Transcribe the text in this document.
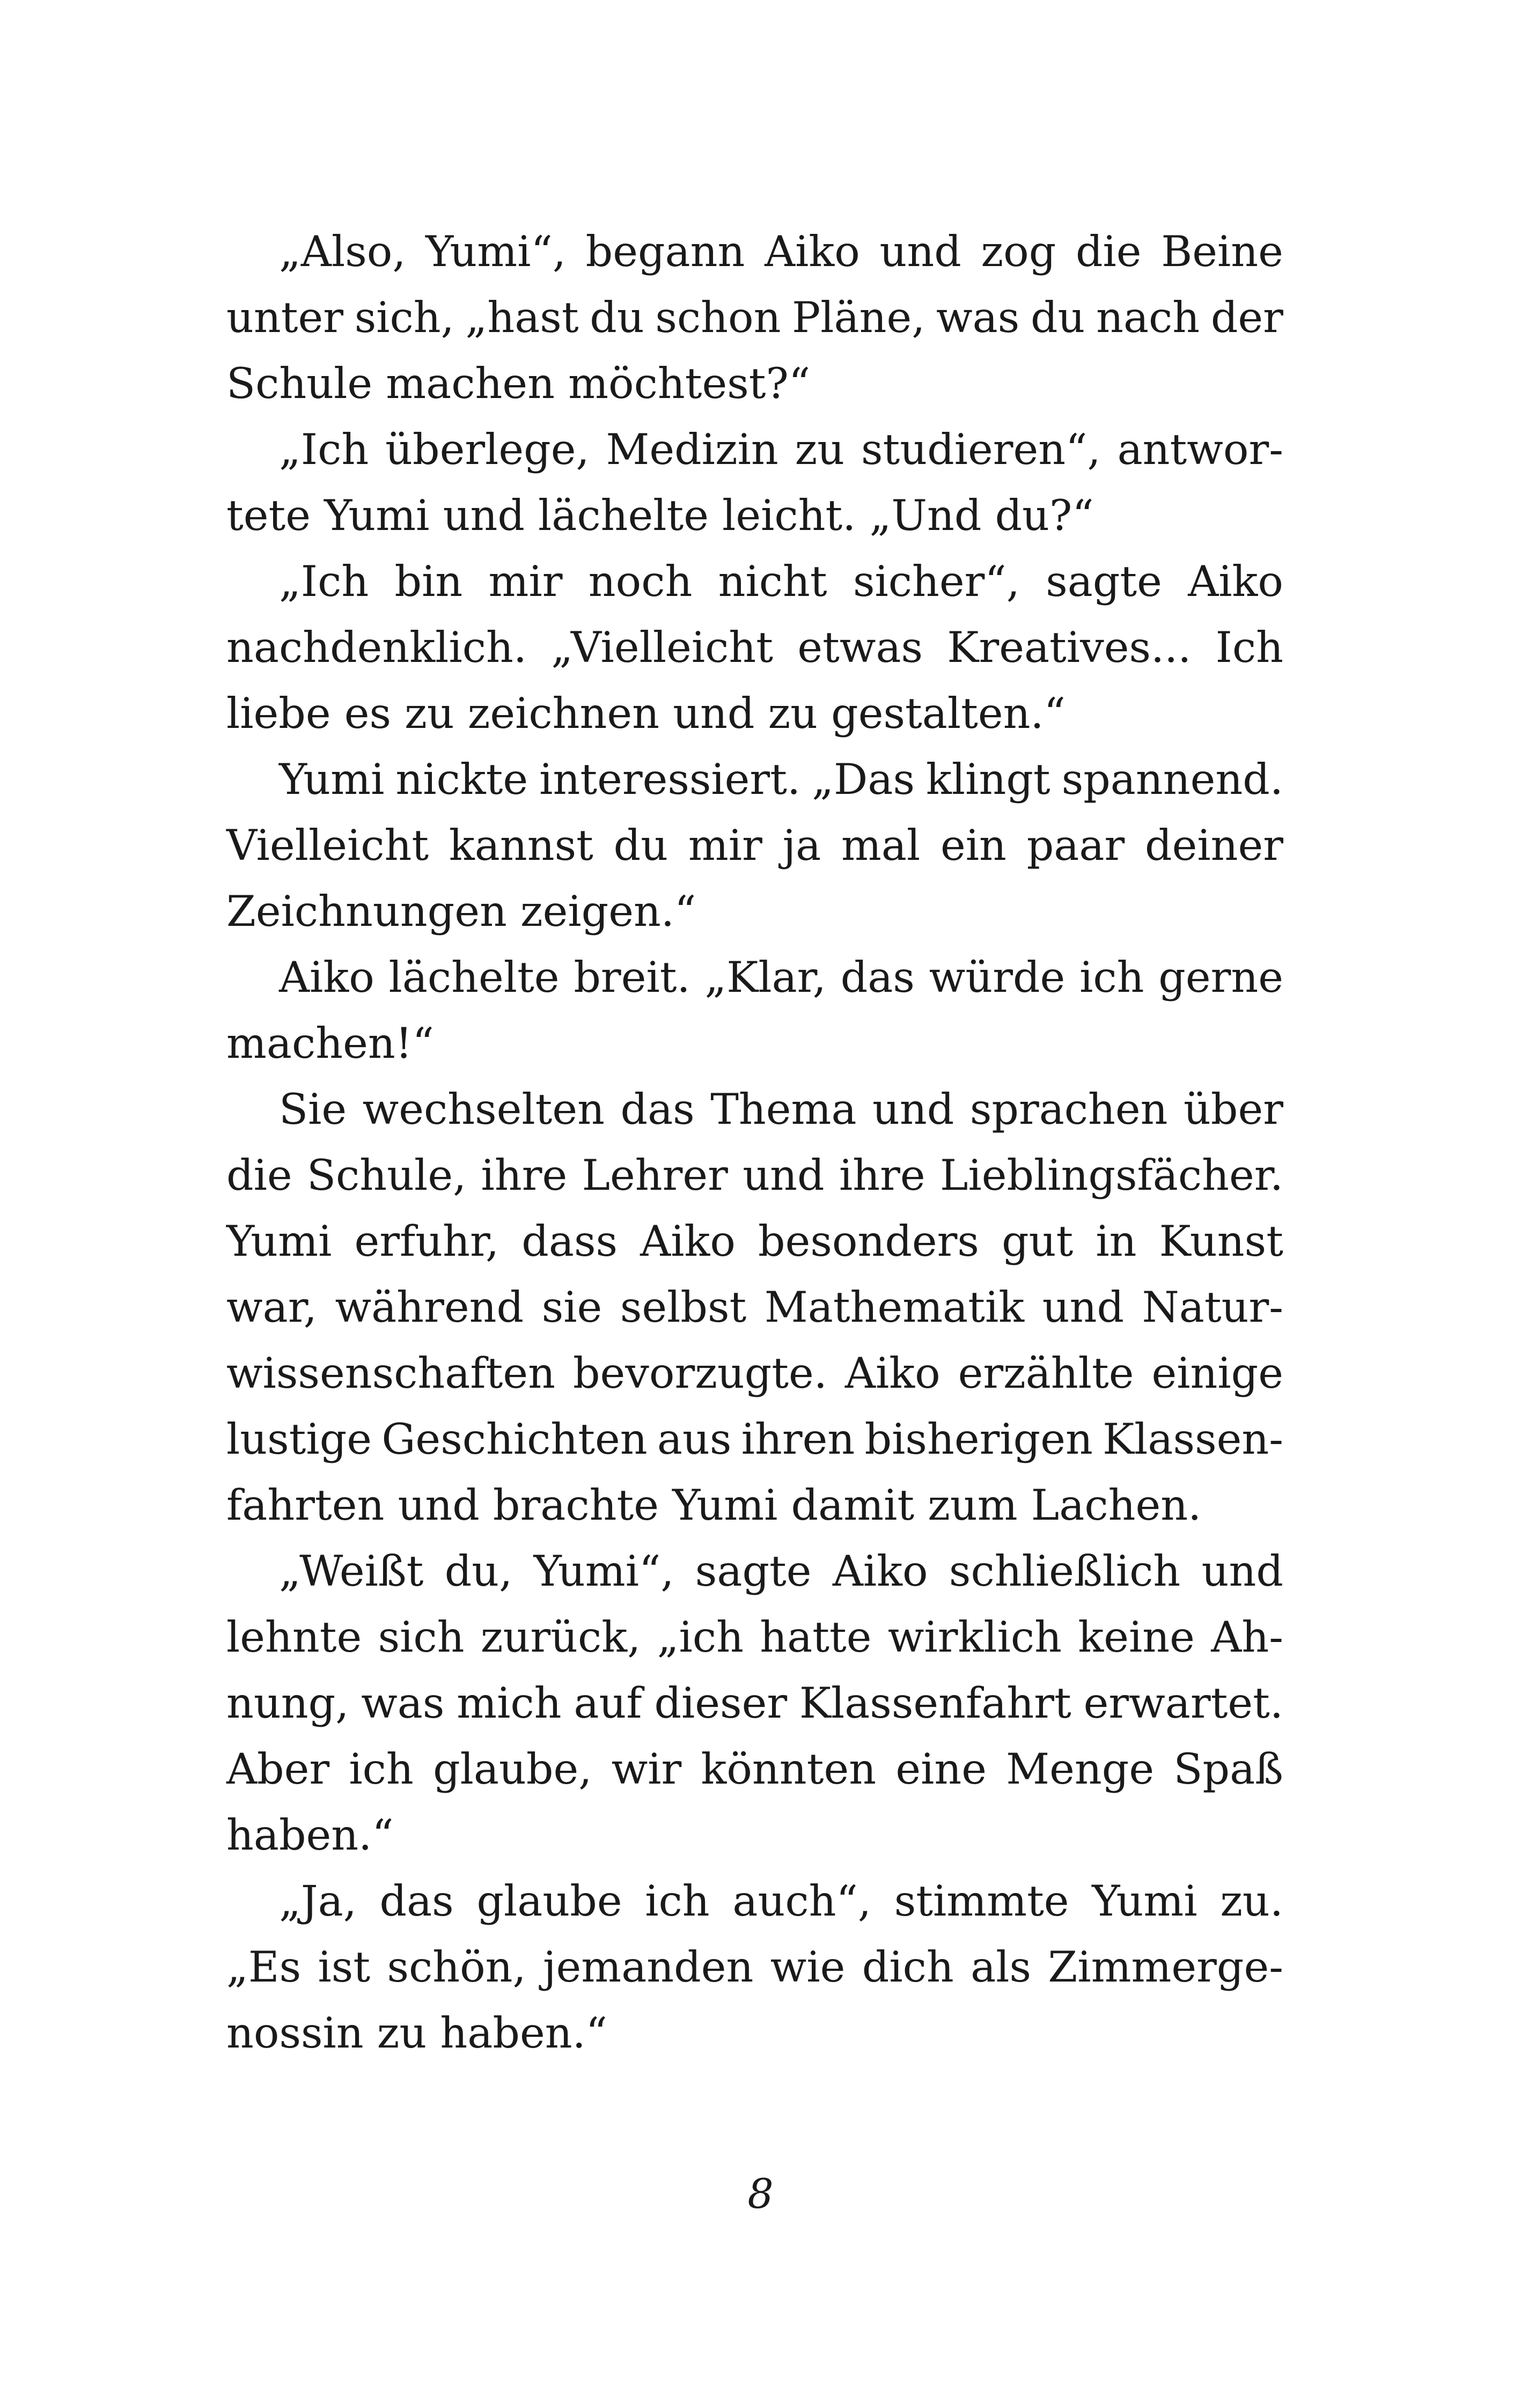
„Also, Yumi“, begann Aiko und zog die Beine
unter sich, „hast du schon Pläne, was du nach der
Schule machen möchtest?“
„Ich überlege, Medizin zu studieren“, antwor-
tete Yumi und lächelte leicht. „Und du?“
„Ich bin mir noch nicht sicher“, sagte Aiko
nachdenklich. „Vielleicht etwas Kreatives... Ich
liebe es zu zeichnen und zu gestalten.“
Yumi nickte interessiert. „Das klingt spannend.
Vielleicht kannst du mir ja mal ein paar deiner
Zeichnungen zeigen.“
Aiko lächelte breit. „Klar, das würde ich gerne
machen!“
Sie wechselten das Thema und sprachen über
die Schule, ihre Lehrer und ihre Lieblingsfächer.
Yumi erfuhr, dass Aiko besonders gut in Kunst
war, während sie selbst Mathematik und Natur-
wissenschaften bevorzugte. Aiko erzählte einige
lustige Geschichten aus ihren bisherigen Klassen-
fahrten und brachte Yumi damit zum Lachen.
„Weißt du, Yumi“, sagte Aiko schließlich und
lehnte sich zurück, „ich hatte wirklich keine Ah-
nung, was mich auf dieser Klassenfahrt erwartet.
Aber ich glaube, wir könnten eine Menge Spaß
haben.“
„Ja, das glaube ich auch“, stimmte Yumi zu.
„Es ist schön, jemanden wie dich als Zimmerge-
nossin zu haben.“
8
